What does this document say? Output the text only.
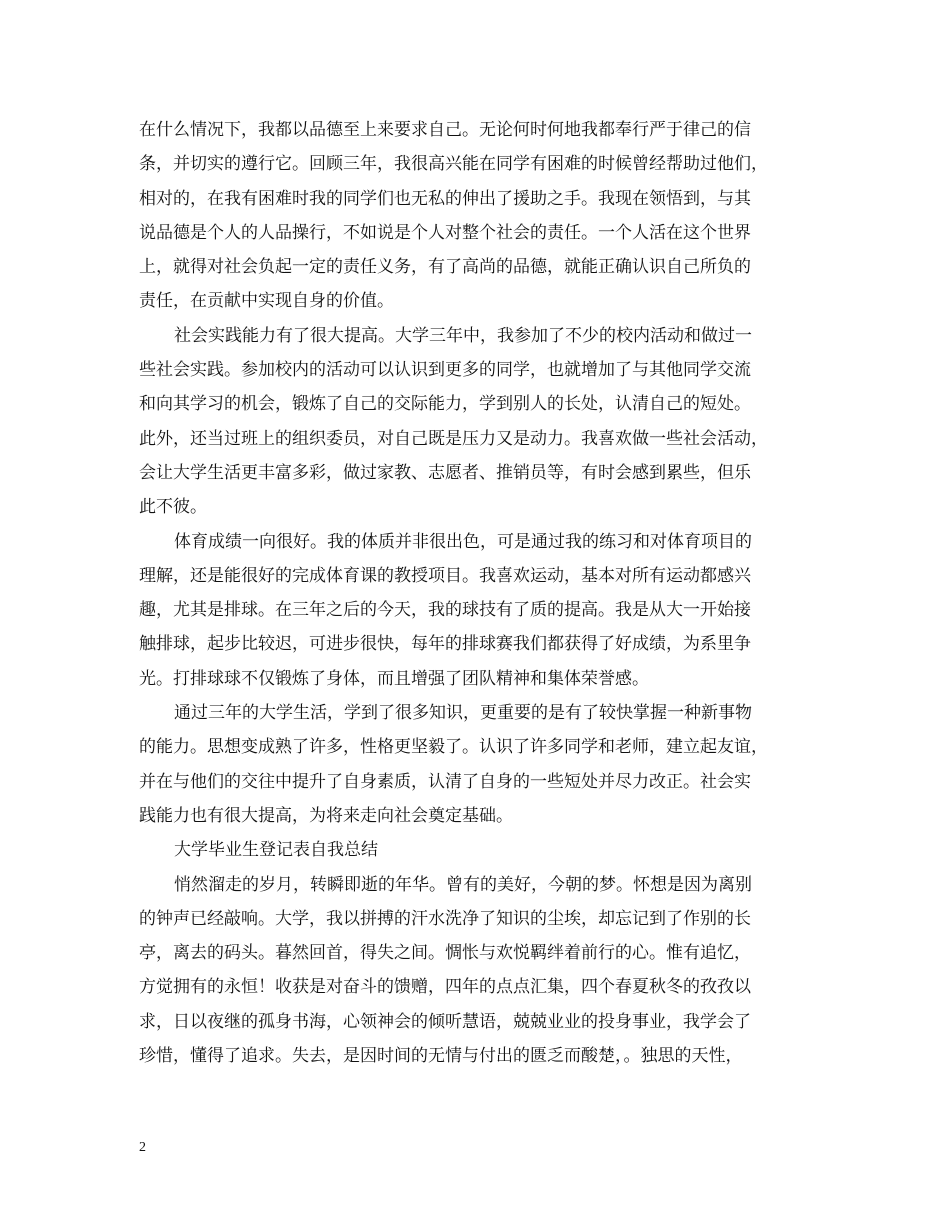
在什么情况下，我都以品德至上来要求自己。无论何时何地我都奉行严于律己的信
条，并切实的遵行它。回顾三年，我很高兴能在同学有困难的时候曾经帮助过他们，
相对的，在我有困难时我的同学们也无私的伸出了援助之手。我现在领悟到，与其
说品德是个人的人品操行，不如说是个人对整个社会的责任。一个人活在这个世界
上，就得对社会负起一定的责任义务，有了高尚的品德，就能正确认识自己所负的
责任，在贡献中实现自身的价值。
社会实践能力有了很大提高。大学三年中，我参加了不少的校内活动和做过一
些社会实践。参加校内的活动可以认识到更多的同学，也就增加了与其他同学交流
和向其学习的机会，锻炼了自己的交际能力，学到别人的长处，认清自己的短处。
此外，还当过班上的组织委员，对自己既是压力又是动力。我喜欢做一些社会活动，
会让大学生活更丰富多彩，做过家教、志愿者、推销员等，有时会感到累些，但乐
此不彼。
体育成绩一向很好。我的体质并非很出色，可是通过我的练习和对体育项目的
理解，还是能很好的完成体育课的教授项目。我喜欢运动，基本对所有运动都感兴
趣，尤其是排球。在三年之后的今天，我的球技有了质的提高。我是从大一开始接
触排球，起步比较迟，可进步很快，每年的排球赛我们都获得了好成绩，为系里争
光。打排球球不仅锻炼了身体，而且增强了团队精神和集体荣誉感。
通过三年的大学生活，学到了很多知识，更重要的是有了较快掌握一种新事物
的能力。思想变成熟了许多，性格更坚毅了。认识了许多同学和老师，建立起友谊，
并在与他们的交往中提升了自身素质，认清了自身的一些短处并尽力改正。社会实
践能力也有很大提高，为将来走向社会奠定基础。
大学毕业生登记表自我总结
悄然溜走的岁月，转瞬即逝的年华。曾有的美好，今朝的梦。怀想是因为离别
的钟声已经敲响。大学，我以拼搏的汗水洗净了知识的尘埃，却忘记到了作别的长
亭，离去的码头。暮然回首，得失之间。惆怅与欢悦羁绊着前行的心。惟有追忆，
方觉拥有的永恒！收获是对奋斗的馈赠，四年的点点汇集，四个春夏秋冬的孜孜以
求，日以夜继的孤身书海，心领神会的倾听慧语，兢兢业业的投身事业，我学会了
珍惜，懂得了追求。失去，是因时间的无情与付出的匮乏而酸楚，。独思的天性，
2
